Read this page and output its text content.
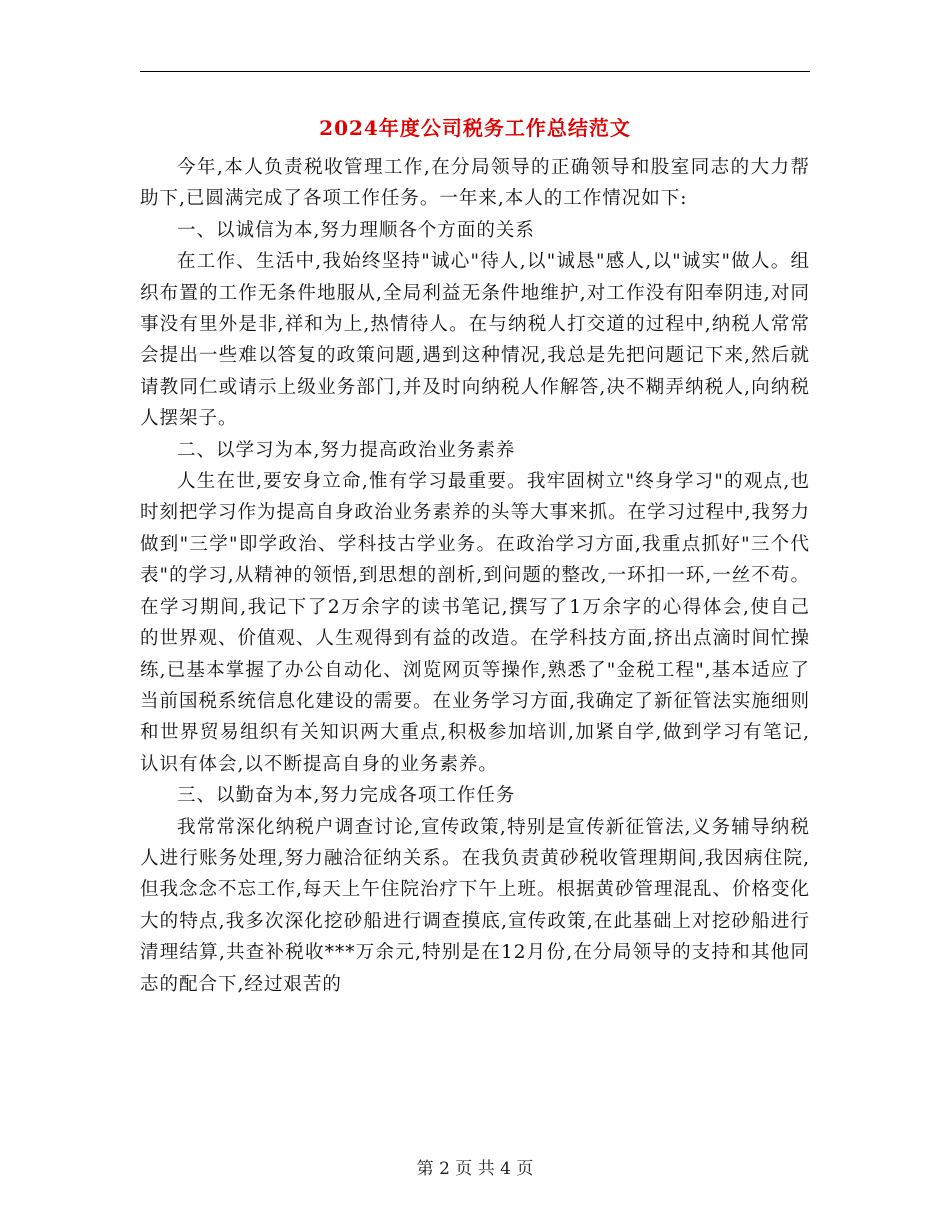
2024年度公司税务工作总结范文

今年,本人负责税收管理工作,在分局领导的正确领导和股室同志的大力帮助下,已圆满完成了各项工作任务。一年来,本人的工作情况如下:

一、以诚信为本,努力理顺各个方面的关系

在工作、生活中,我始终坚持"诚心"待人,以"诚恳"感人,以"诚实"做人。组织布置的工作无条件地服从,全局利益无条件地维护,对工作没有阳奉阴违,对同事没有里外是非,祥和为上,热情待人。在与纳税人打交道的过程中,纳税人常常会提出一些难以答复的政策问题,遇到这种情况,我总是先把问题记下来,然后就请教同仁或请示上级业务部门,并及时向纳税人作解答,决不糊弄纳税人,向纳税人摆架子。

二、以学习为本,努力提高政治业务素养

人生在世,要安身立命,惟有学习最重要。我牢固树立"终身学习"的观点,也时刻把学习作为提高自身政治业务素养的头等大事来抓。在学习过程中,我努力做到"三学"即学政治、学科技古学业务。在政治学习方面,我重点抓好"三个代表"的学习,从精神的领悟,到思想的剖析,到问题的整改,一环扣一环,一丝不苟。在学习期间,我记下了2万余字的读书笔记,撰写了1万余字的心得体会,使自己的世界观、价值观、人生观得到有益的改造。在学科技方面,挤出点滴时间忙操练,已基本掌握了办公自动化、浏览网页等操作,熟悉了"金税工程",基本适应了当前国税系统信息化建设的需要。在业务学习方面,我确定了新征管法实施细则和世界贸易组织有关知识两大重点,积极参加培训,加紧自学,做到学习有笔记,认识有体会,以不断提高自身的业务素养。

三、以勤奋为本,努力完成各项工作任务

我常常深化纳税户调查讨论,宣传政策,特别是宣传新征管法,义务辅导纳税人进行账务处理,努力融洽征纳关系。在我负责黄砂税收管理期间,我因病住院,但我念念不忘工作,每天上午住院治疗下午上班。根据黄砂管理混乱、价格变化大的特点,我多次深化挖砂船进行调查摸底,宣传政策,在此基础上对挖砂船进行清理结算,共查补税收***万余元,特别是在12月份,在分局领导的支持和其他同志的配合下,经过艰苦的

第 2 页 共 4 页
